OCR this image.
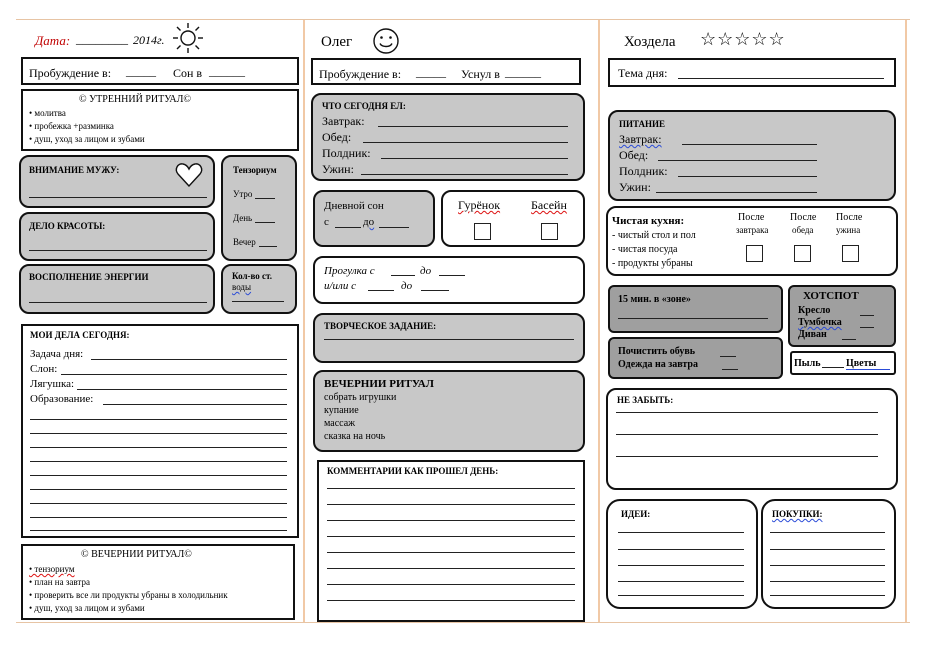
Дата: ________ 2014г.
Пробуждение в: _____ Сон в ______
© УТРЕННИЙ РИТУАЛ©
• молитва
• пробежка +разминка
• душ, уход за лицом и зубами
ВНИМАНИЕ МУЖУ:
ДЕЛО КРАСОТЫ:
ВОСПОЛНЕНИЕ ЭНЕРГИИ
Тензориум
Утро
День
Вечер
Кол-во ст.
воды
МОИ ДЕЛА СЕГОДНЯ:
Задача дня:
Слон:
Лягушка:
Образование:
© ВЕЧЕРНИИ РИТУАЛ©
• тензориум
• план на завтра
• проверить все ли продукты убраны в холодильник
• душ, уход за лицом и зубами
Олег
Пробуждение в: _____ Уснул в ______
ЧТО СЕГОДНЯ ЕЛ:
Завтрак:
Обед:
Полдник:
Ужин:
Дневной сон
с	до
Гурёнок	Басейн
Прогулка с	до
и/или с	до
ТВОРЧЕСКОЕ ЗАДАНИЕ:
ВЕЧЕРНИИ РИТУАЛ
собрать игрушки
купание
массаж
сказка на ночь
КОММЕНТАРИИ КАК ПРОШЕЛ ДЕНЬ:
Хоздела ☆☆☆☆☆
Тема дня:
ПИТАНИЕ
Завтрак:
Обед:
Полдник:
Ужин:
Чистая кухня:
- чистый стол и пол
- чистая посуда
- продукты убраны
После
завтрака
После
обеда
После
ужина
15 мин. в «зоне»
Почистить обувь
Одежда на завтра
ХОТСПОТ
Кресло
Тумбочка
Диван
Пыль	Цветы
НЕ ЗАБЫТЬ:
ИДЕИ:	ПОКУПКИ:
